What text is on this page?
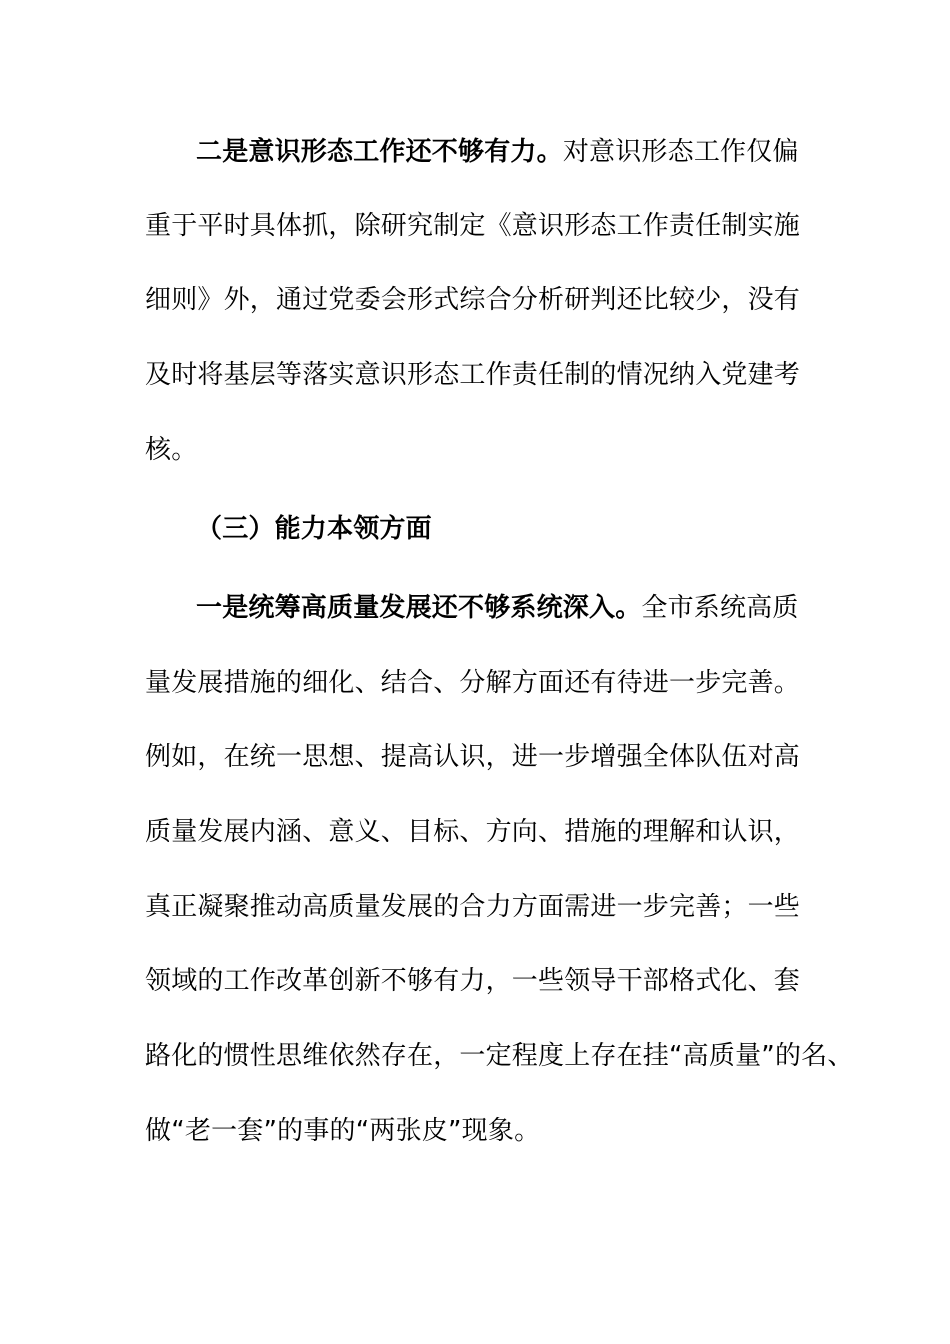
二是意识形态工作还不够有力。对意识形态工作仅偏
重于平时具体抓，除研究制定《意识形态工作责任制实施
细则》外，通过党委会形式综合分析研判还比较少，没有
及时将基层等落实意识形态工作责任制的情况纳入党建考
核。
（三）能力本领方面
一是统筹高质量发展还不够系统深入。全市系统高质
量发展措施的细化、结合、分解方面还有待进一步完善。
例如，在统一思想、提高认识，进一步增强全体队伍对高
质量发展内涵、意义、目标、方向、措施的理解和认识，
真正凝聚推动高质量发展的合力方面需进一步完善；一些
领域的工作改革创新不够有力，一些领导干部格式化、套
路化的惯性思维依然存在，一定程度上存在挂“高质量”的名、
做“老一套”的事的“两张皮”现象。
